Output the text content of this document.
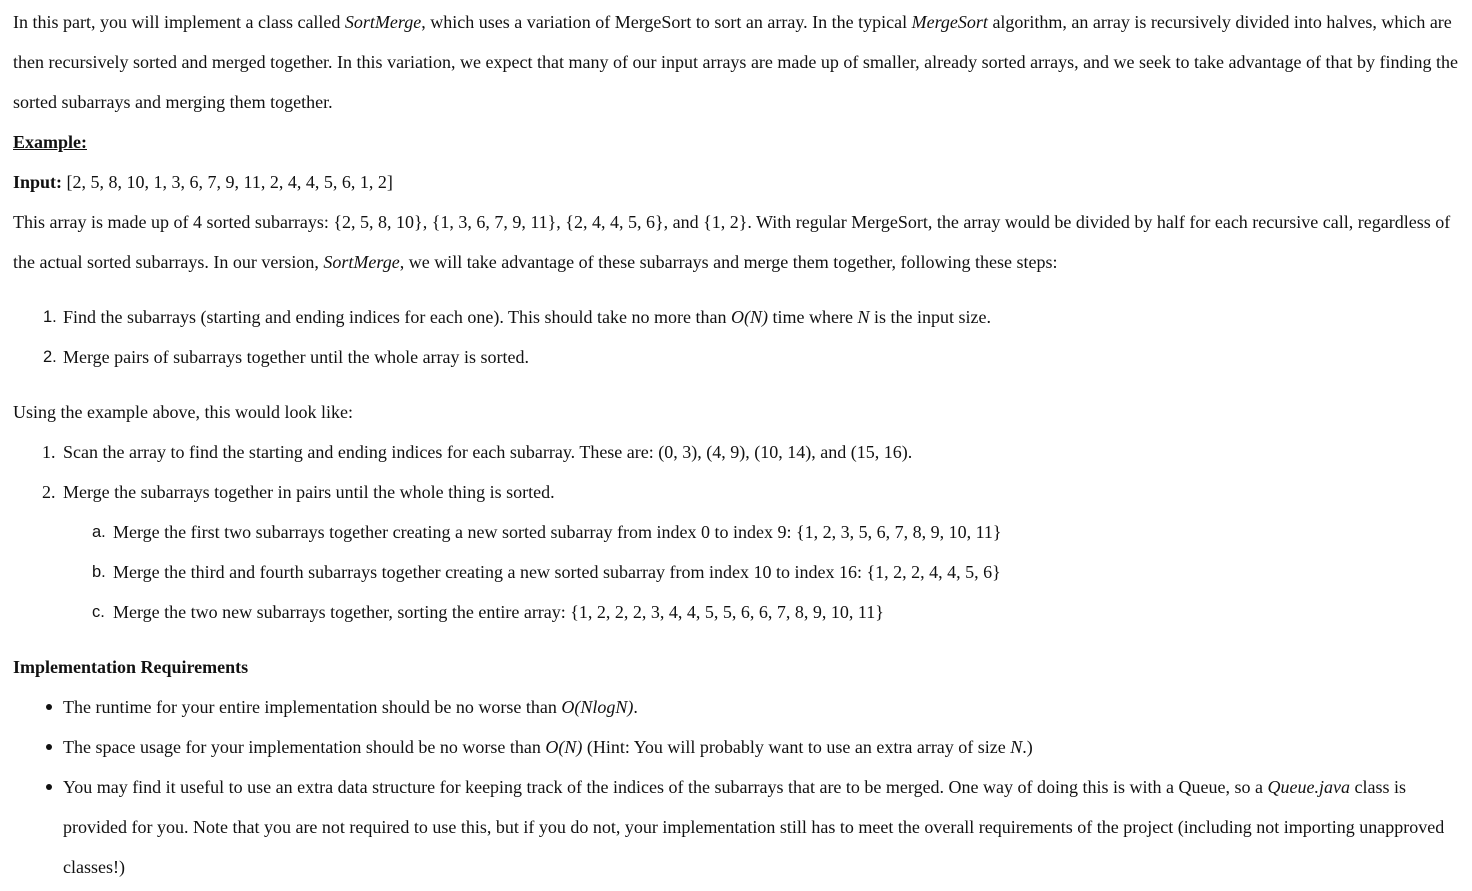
In this part, you will implement a class called SortMerge, which uses a variation of MergeSort to sort an array. In the typical MergeSort algorithm, an array is recursively divided into halves, which are then recursively sorted and merged together. In this variation, we expect that many of our input arrays are made up of smaller, already sorted arrays, and we seek to take advantage of that by finding the sorted subarrays and merging them together.

Example:

Input: [2, 5, 8, 10, 1, 3, 6, 7, 9, 11, 2, 4, 4, 5, 6, 1, 2]

This array is made up of 4 sorted subarrays: {2, 5, 8, 10}, {1, 3, 6, 7, 9, 11}, {2, 4, 4, 5, 6}, and {1, 2}. With regular MergeSort, the array would be divided by half for each recursive call, regardless of the actual sorted subarrays. In our version, SortMerge, we will take advantage of these subarrays and merge them together, following these steps:

1. Find the subarrays (starting and ending indices for each one). This should take no more than O(N) time where N is the input size.
2. Merge pairs of subarrays together until the whole array is sorted.

Using the example above, this would look like:

1. Scan the array to find the starting and ending indices for each subarray. These are: (0, 3), (4, 9), (10, 14), and (15, 16).
2. Merge the subarrays together in pairs until the whole thing is sorted.
a. Merge the first two subarrays together creating a new sorted subarray from index 0 to index 9: {1, 2, 3, 5, 6, 7, 8, 9, 10, 11}
b. Merge the third and fourth subarrays together creating a new sorted subarray from index 10 to index 16: {1, 2, 2, 4, 4, 5, 6}
c. Merge the two new subarrays together, sorting the entire array: {1, 2, 2, 2, 3, 4, 4, 5, 5, 6, 6, 7, 8, 9, 10, 11}

Implementation Requirements

The runtime for your entire implementation should be no worse than O(NlogN).
The space usage for your implementation should be no worse than O(N) (Hint: You will probably want to use an extra array of size N.)
You may find it useful to use an extra data structure for keeping track of the indices of the subarrays that are to be merged. One way of doing this is with a Queue, so a Queue.java class is provided for you. Note that you are not required to use this, but if you do not, your implementation still has to meet the overall requirements of the project (including not importing unapproved classes!)
